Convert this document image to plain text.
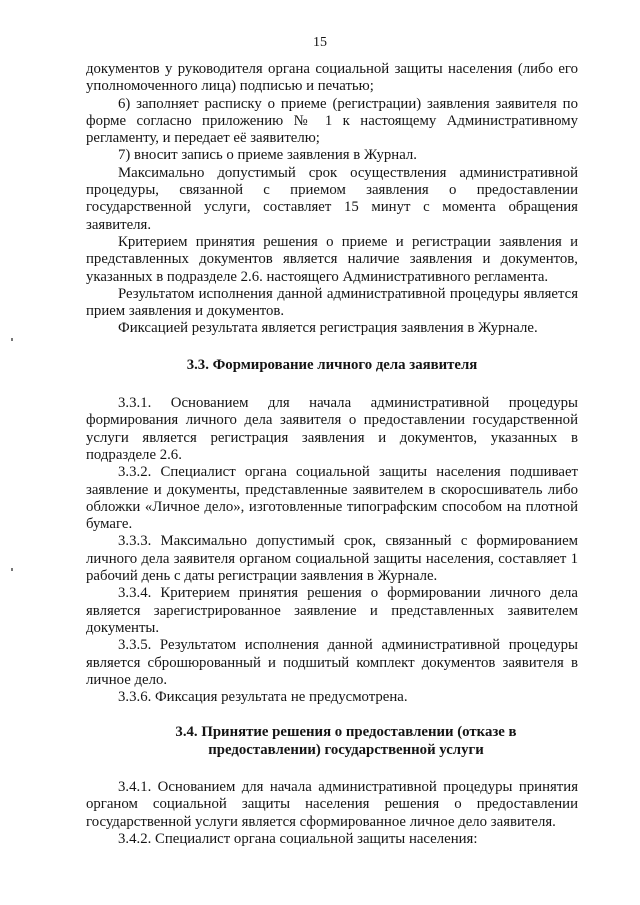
15

документов у руководителя органа социальной защиты населения (либо его уполномоченного лица) подписью и печатью;

6) заполняет расписку о приеме (регистрации) заявления заявителя по форме согласно приложению № 1 к настоящему Административному регламенту, и передает её заявителю;

7) вносит запись о приеме заявления в Журнал.

Максимально допустимый срок осуществления административной процедуры, связанной с приемом заявления о предоставлении государственной услуги, составляет 15 минут с момента обращения заявителя.

Критерием принятия решения о приеме и регистрации заявления и представленных документов является наличие заявления и документов, указанных в подразделе 2.6. настоящего Административного регламента.

Результатом исполнения данной административной процедуры является прием заявления и документов.

Фиксацией результата является регистрация заявления в Журнале.

3.3. Формирование личного дела заявителя

3.3.1. Основанием для начала административной процедуры формирования личного дела заявителя о предоставлении государственной услуги является регистрация заявления и документов, указанных в подразделе 2.6.

3.3.2. Специалист органа социальной защиты населения подшивает заявление и документы, представленные заявителем в скоросшиватель либо обложки «Личное дело», изготовленные типографским способом на плотной бумаге.

3.3.3. Максимально допустимый срок, связанный с формированием личного дела заявителя органом социальной защиты населения, составляет 1 рабочий день с даты регистрации заявления в Журнале.

3.3.4. Критерием принятия решения о формировании личного дела является зарегистрированное заявление и представленных заявителем документы.

3.3.5. Результатом исполнения данной административной процедуры является сброшюрованный и подшитый комплект документов заявителя в личное дело.

3.3.6. Фиксация результата не предусмотрена.

3.4. Принятие решения о предоставлении (отказе в
предоставлении) государственной услуги

3.4.1. Основанием для начала административной процедуры принятия органом социальной защиты населения решения о предоставлении государственной услуги является сформированное личное дело заявителя.

3.4.2. Специалист органа социальной защиты населения:
